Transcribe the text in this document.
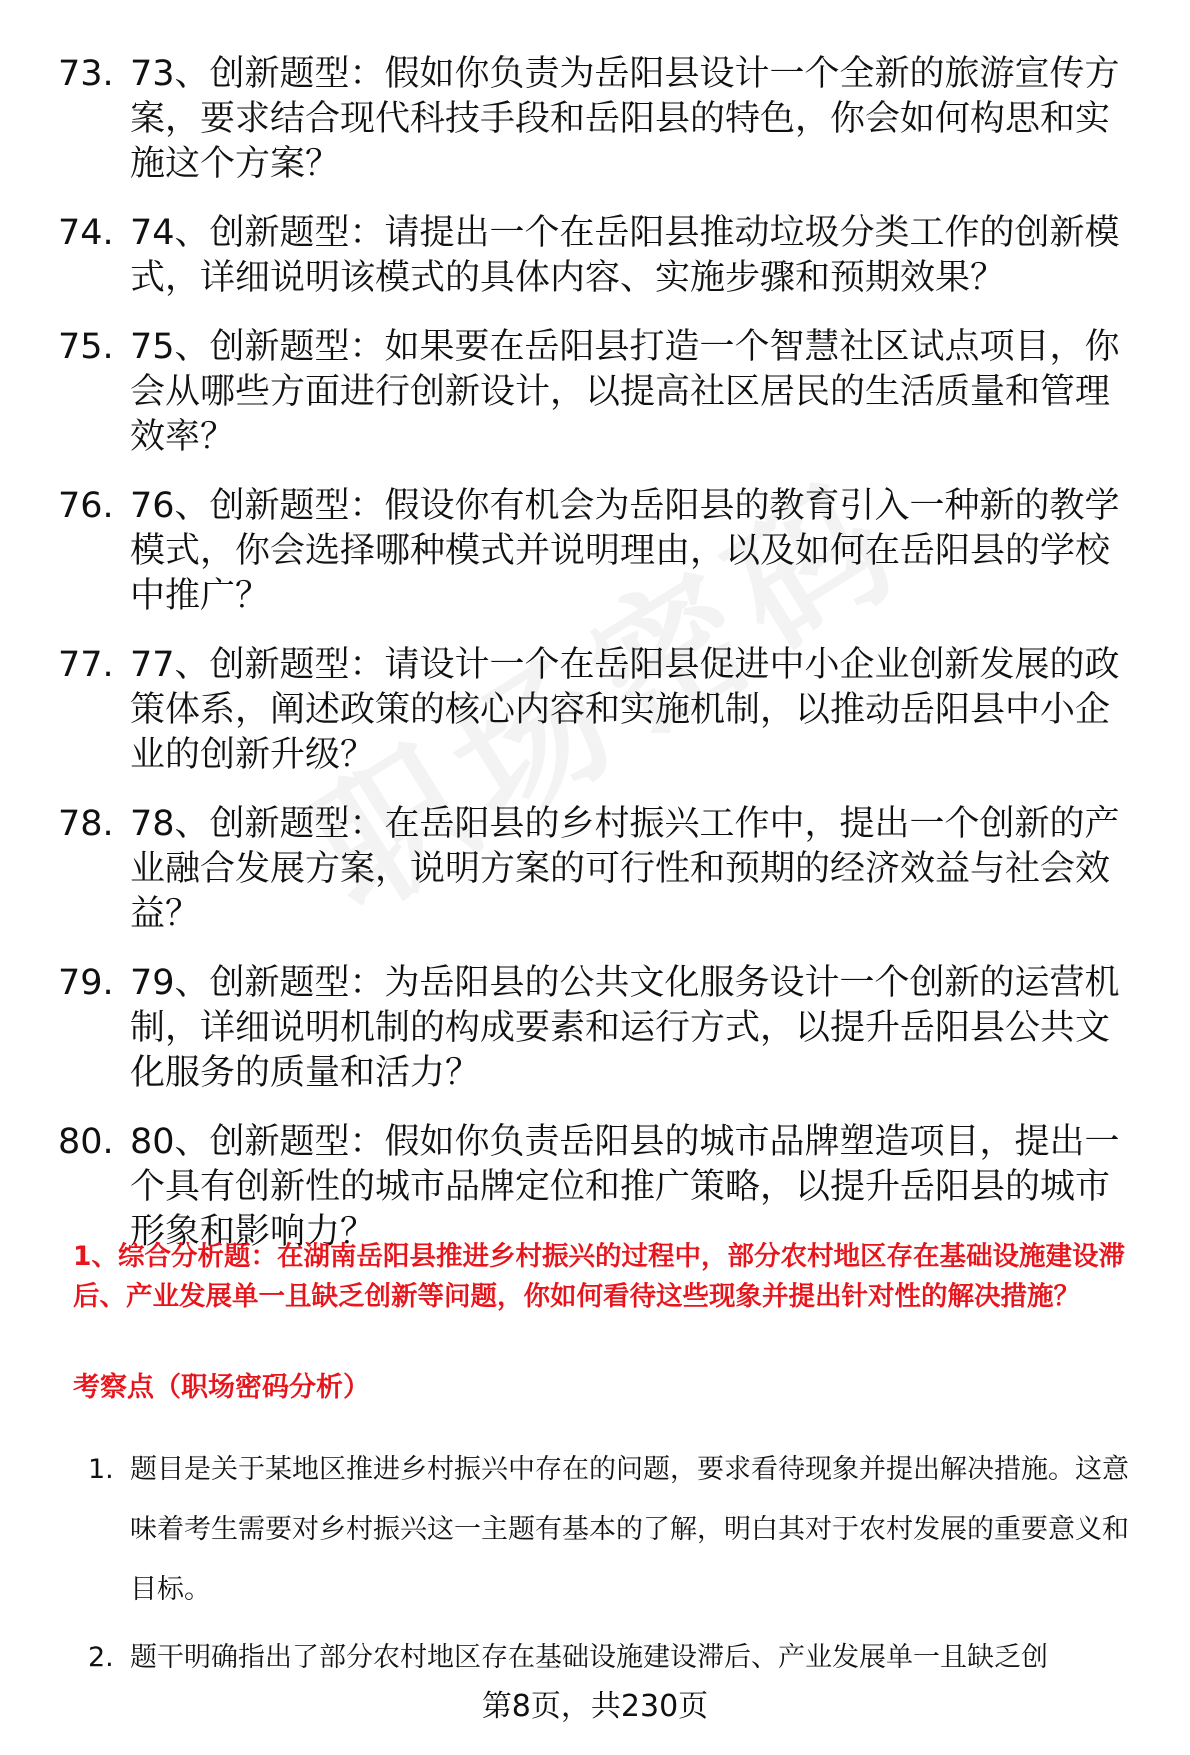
73. 73、创新题型：假如你负责为岳阳县设计一个全新的旅游宣传方案，要求结合现代科技手段和岳阳县的特色，你会如何构思和实施这个方案？
74. 74、创新题型：请提出一个在岳阳县推动垃圾分类工作的创新模式，详细说明该模式的具体内容、实施步骤和预期效果？
75. 75、创新题型：如果要在岳阳县打造一个智慧社区试点项目，你会从哪些方面进行创新设计，以提高社区居民的生活质量和管理效率？
76. 76、创新题型：假设你有机会为岳阳县的教育引入一种新的教学模式，你会选择哪种模式并说明理由，以及如何在岳阳县的学校中推广？
77. 77、创新题型：请设计一个在岳阳县促进中小企业创新发展的政策体系，阐述政策的核心内容和实施机制，以推动岳阳县中小企业的创新升级？
78. 78、创新题型：在岳阳县的乡村振兴工作中，提出一个创新的产业融合发展方案，说明方案的可行性和预期的经济效益与社会效益？
79. 79、创新题型：为岳阳县的公共文化服务设计一个创新的运营机制，详细说明机制的构成要素和运行方式，以提升岳阳县公共文化服务的质量和活力？
80. 80、创新题型：假如你负责岳阳县的城市品牌塑造项目，提出一个具有创新性的城市品牌定位和推广策略，以提升岳阳县的城市形象和影响力？
1、综合分析题：在湖南岳阳县推进乡村振兴的过程中，部分农村地区存在基础设施建设滞后、产业发展单一且缺乏创新等问题，你如何看待这些现象并提出针对性的解决措施？
考察点（职场密码分析）
1. 题目是关于某地区推进乡村振兴中存在的问题，要求看待现象并提出解决措施。这意味着考生需要对乡村振兴这一主题有基本的了解，明白其对于农村发展的重要意义和目标。
2. 题干明确指出了部分农村地区存在基础设施建设滞后、产业发展单一且缺乏创
第8页，共230页
